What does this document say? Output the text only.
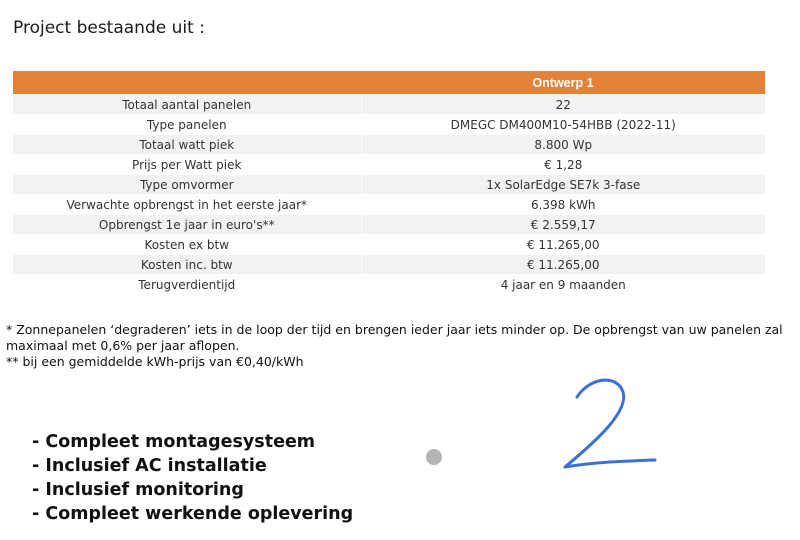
Project bestaande uit :
	Ontwerp 1
Totaal aantal panelen	22
Type panelen	DMEGC DM400M10-54HBB (2022-11)
Totaal watt piek	8.800 Wp
Prijs per Watt piek	€ 1,28
Type omvormer	1x SolarEdge SE7k 3-fase
Verwachte opbrengst in het eerste jaar*	6.398 kWh
Opbrengst 1e jaar in euro's**	€ 2.559,17
Kosten ex btw	€ 11.265,00
Kosten inc. btw	€ 11.265,00
Terugverdientijd	4 jaar en 9 maanden

* Zonnepanelen ‘degraderen’ iets in de loop der tijd en brengen ieder jaar iets minder op. De opbrengst van uw panelen zal maximaal met 0,6% per jaar aflopen.

** bij een gemiddelde kWh-prijs van €0,40/kWh

- Compleet montagesysteem
- Inclusief AC installatie
- Inclusief monitoring
- Compleet werkende oplevering
